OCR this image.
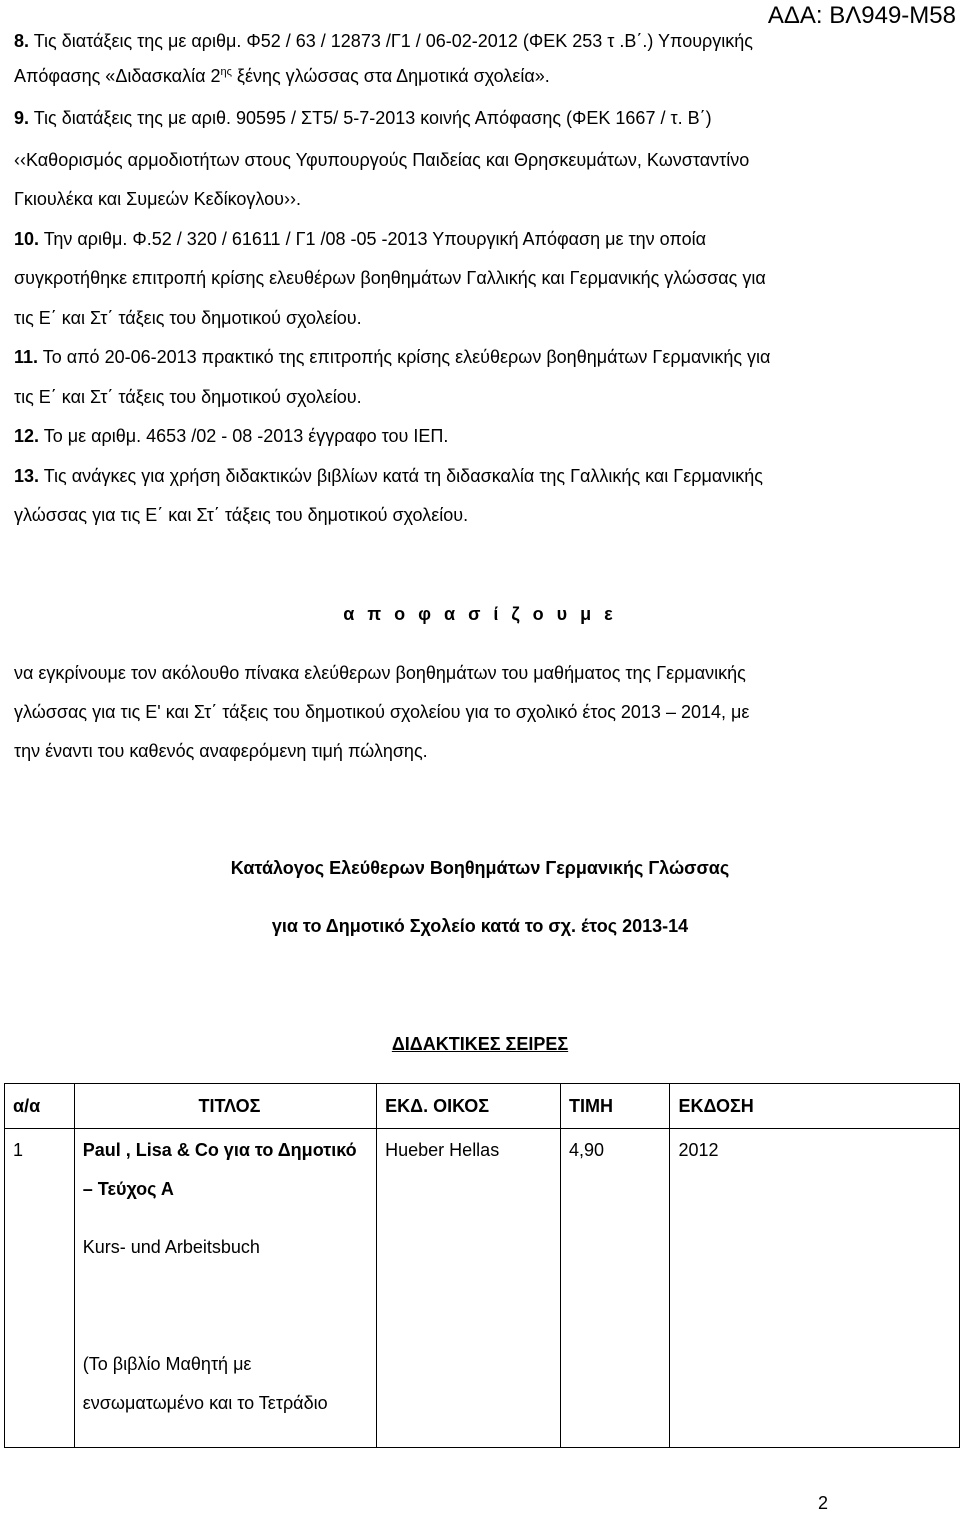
ΑΔΑ: ΒΛ949-Μ58
8. Τις διατάξεις της με αριθμ. Φ52 / 63 / 12873 /Γ1 / 06-02-2012 (ΦΕΚ 253 τ .Β΄.) Υπουργικής
Απόφασης «Διδασκαλία $2^{\eta\varsigma}$ ξένης γλώσσας στα Δημοτικά σχολεία».
9. Τις διατάξεις της με αριθ. 90595 / ΣΤ5/ 5-7-2013 κοινής Απόφασης (ΦΕΚ 1667 / τ. Β΄)
‹‹Καθορισμός αρμοδιοτήτων στους Υφυπουργούς Παιδείας και Θρησκευμάτων, Κωνσταντίνο
Γκιουλέκα και Συμεών Κεδίκογλου››.
10. Την αριθμ. Φ.52 / 320 / 61611 / Γ1 /08 -05 -2013 Υπουργική Απόφαση με την οποία
συγκροτήθηκε επιτροπή κρίσης ελευθέρων βοηθημάτων Γαλλικής και Γερμανικής γλώσσας για
τις Ε΄ και Στ΄ τάξεις του δημοτικού σχολείου.
11. Το από 20-06-2013 πρακτικό της επιτροπής κρίσης ελεύθερων βοηθημάτων Γερμανικής για
τις Ε΄ και Στ΄ τάξεις του δημοτικού σχολείου.
12. Το με αριθμ. 4653 /02 - 08 -2013 έγγραφο του ΙΕΠ.
13. Τις ανάγκες για χρήση διδακτικών βιβλίων κατά τη διδασκαλία της Γαλλικής και Γερμανικής
γλώσσας για τις Ε΄ και Στ΄ τάξεις του δημοτικού σχολείου.
α π ο φ α σ ί ζ ο υ μ ε
να εγκρίνουμε τον ακόλουθο πίνακα ελεύθερων βοηθημάτων του μαθήματος της Γερμανικής
γλώσσας για τις Ε' και Στ΄ τάξεις του δημοτικού σχολείου για το σχολικό έτος 2013 – 2014, με
την έναντι του καθενός αναφερόμενη τιμή πώλησης.
Κατάλογος Ελεύθερων Βοηθημάτων Γερμανικής Γλώσσας
για το Δημοτικό Σχολείο κατά το σχ. έτος 2013-14
ΔΙΔΑΚΤΙΚΕΣ ΣΕΙΡΕΣ
α/α	ΤΙΤΛΟΣ	ΕΚΔ. ΟΙΚΟΣ	ΤΙΜΗ	ΕΚΔΟΣΗ

1	Paul , Lisa & Co για το Δημοτικό
– Τεύχος Α
Kurs- und Arbeitsbuch
(Το βιβλίο Μαθητή με
ενσωματωμένο και το Τετράδιο	Hueber Hellas	4,90	2012
2
